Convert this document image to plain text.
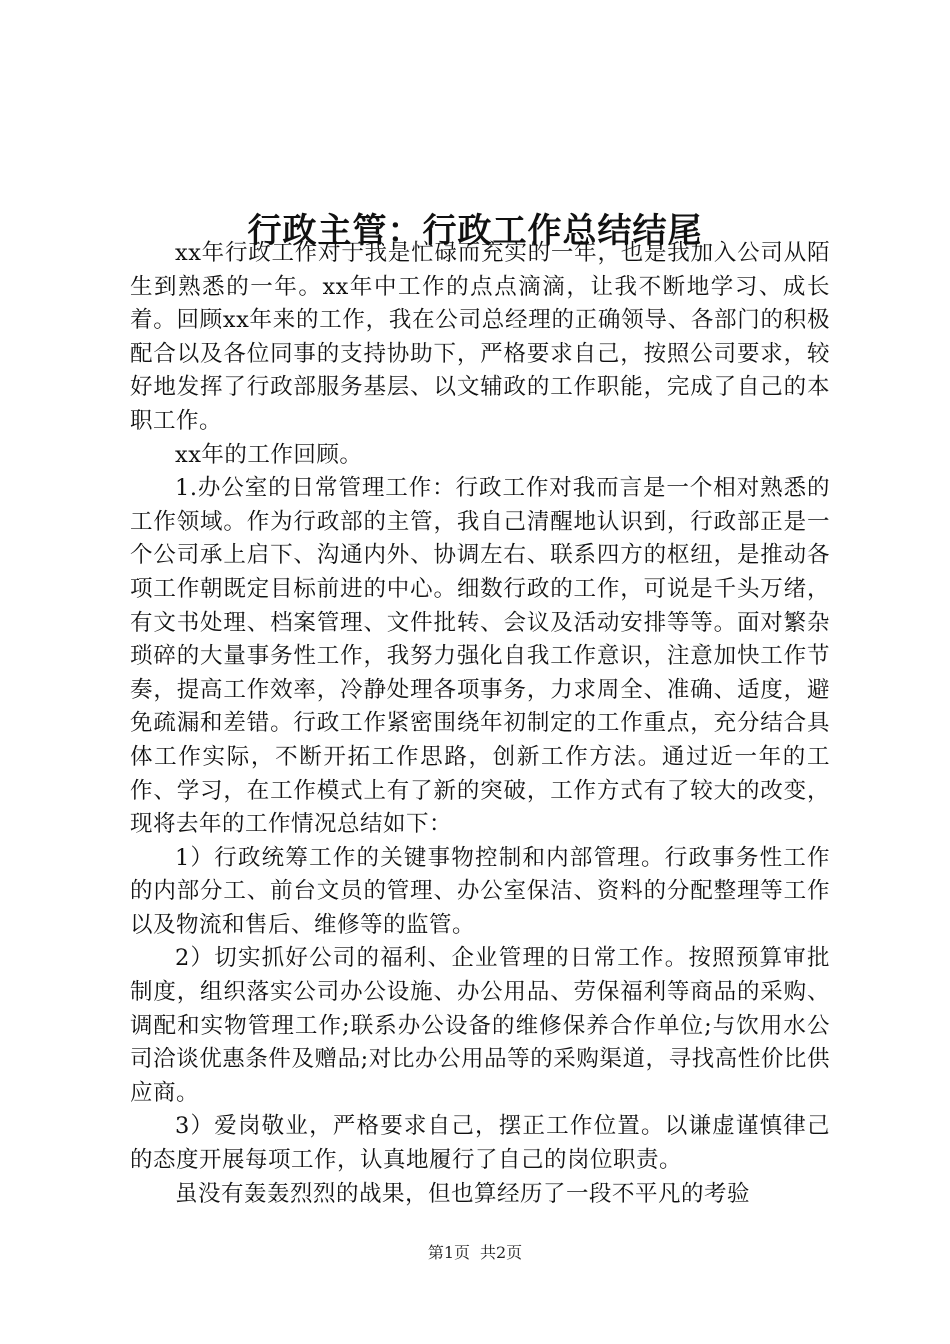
行政主管：行政工作总结结尾

xx年行政工作对于我是忙碌而充实的一年，也是我加入公司从陌生到熟悉的一年。xx年中工作的点点滴滴，让我不断地学习、成长着。回顾xx年来的工作，我在公司总经理的正确领导、各部门的积极配合以及各位同事的支持协助下，严格要求自己，按照公司要求，较好地发挥了行政部服务基层、以文辅政的工作职能，完成了自己的本职工作。

xx年的工作回顾。

1.办公室的日常管理工作：行政工作对我而言是一个相对熟悉的工作领域。作为行政部的主管，我自己清醒地认识到，行政部正是一个公司承上启下、沟通内外、协调左右、联系四方的枢纽，是推动各项工作朝既定目标前进的中心。细数行政的工作，可说是千头万绪，有文书处理、档案管理、文件批转、会议及活动安排等等。面对繁杂琐碎的大量事务性工作，我努力强化自我工作意识，注意加快工作节奏，提高工作效率，冷静处理各项事务，力求周全、准确、适度，避免疏漏和差错。行政工作紧密围绕年初制定的工作重点，充分结合具体工作实际，不断开拓工作思路，创新工作方法。通过近一年的工作、学习，在工作模式上有了新的突破，工作方式有了较大的改变，现将去年的工作情况总结如下：

1）行政统筹工作的关键事物控制和内部管理。行政事务性工作的内部分工、前台文员的管理、办公室保洁、资料的分配整理等工作以及物流和售后、维修等的监管。

2）切实抓好公司的福利、企业管理的日常工作。按照预算审批制度，组织落实公司办公设施、办公用品、劳保福利等商品的采购、调配和实物管理工作;联系办公设备的维修保养合作单位;与饮用水公司洽谈优惠条件及赠品;对比办公用品等的采购渠道，寻找高性价比供应商。

3）爱岗敬业，严格要求自己，摆正工作位置。以谦虚谨慎律己的态度开展每项工作，认真地履行了自己的岗位职责。

虽没有轰轰烈烈的战果，但也算经历了一段不平凡的考验

第1页 共2页
